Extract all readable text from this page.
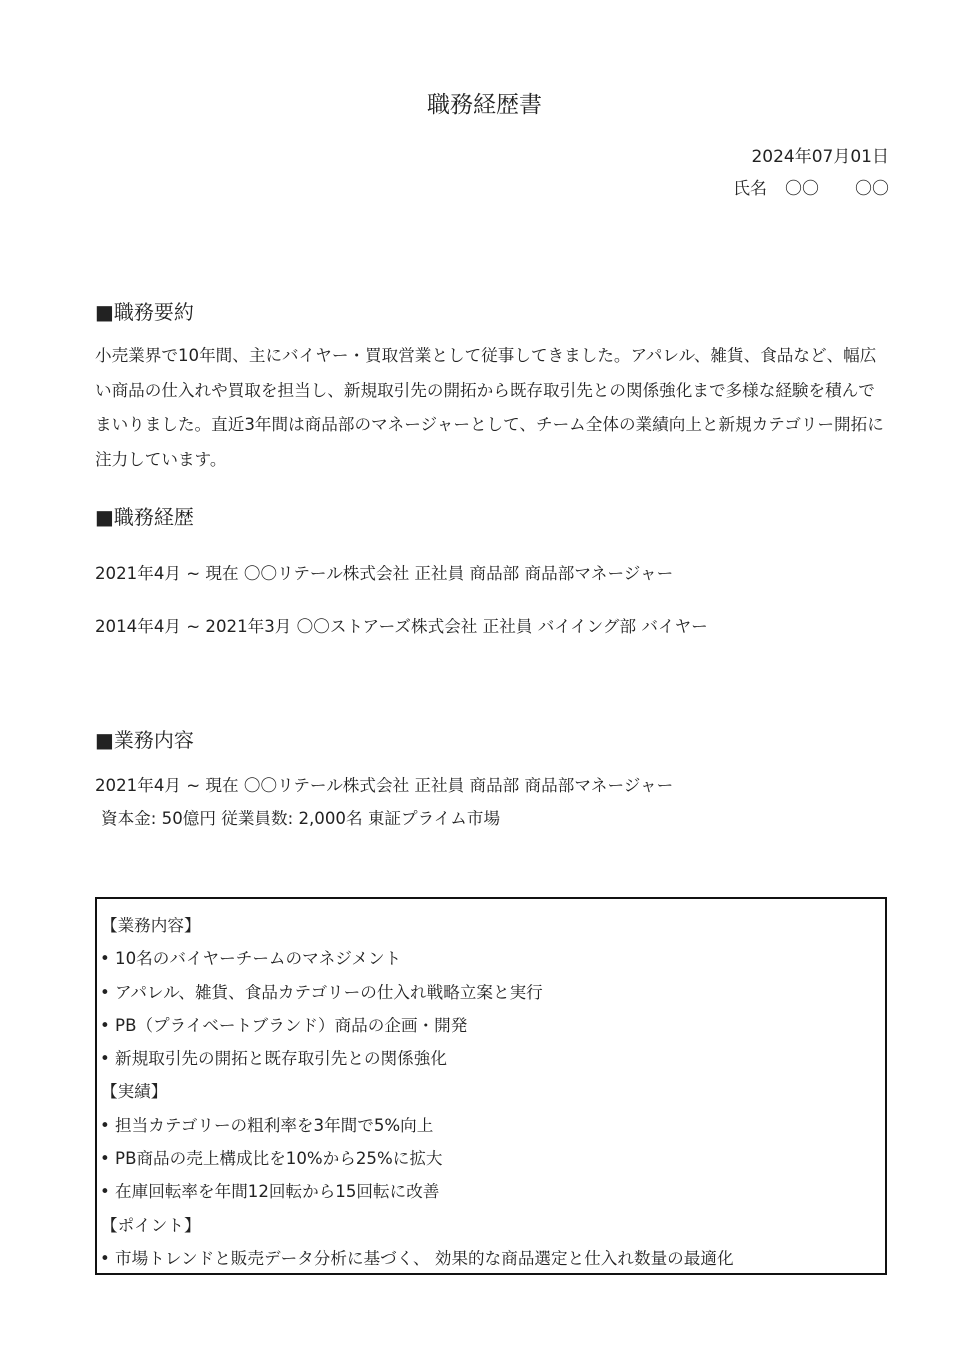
職務経歴書
2024年07月01日
氏名 〇〇 〇〇
■職務要約

小売業界で10年間、主にバイヤー・買取営業として従事してきました。アパレル、雑貨、食品など、幅広い商品の仕入れや買取を担当し、新規取引先の開拓から既存取引先との関係強化まで多様な経験を積んでまいりました。直近3年間は商品部のマネージャーとして、チーム全体の業績向上と新規カテゴリー開拓に注力しています。

■職務経歴
2021年4月 ~ 現在 〇〇リテール株式会社 正社員 商品部 商品部マネージャー
2014年4月 ~ 2021年3月 〇〇ストアーズ株式会社 正社員 バイイング部 バイヤー
■業務内容
2021年4月 ~ 現在 〇〇リテール株式会社 正社員 商品部 商品部マネージャー
資本金: 50億円 従業員数: 2,000名 東証プライム市場
【業務内容】
• 10名のバイヤーチームのマネジメント
• アパレル、雑貨、食品カテゴリーの仕入れ戦略立案と実行
• PB（プライベートブランド）商品の企画・開発
• 新規取引先の開拓と既存取引先との関係強化
【実績】
• 担当カテゴリーの粗利率を3年間で5%向上
• PB商品の売上構成比を10%から25%に拡大
• 在庫回転率を年間12回転から15回転に改善
【ポイント】
• 市場トレンドと販売データ分析に基づく、 効果的な商品選定と仕入れ数量の最適化
